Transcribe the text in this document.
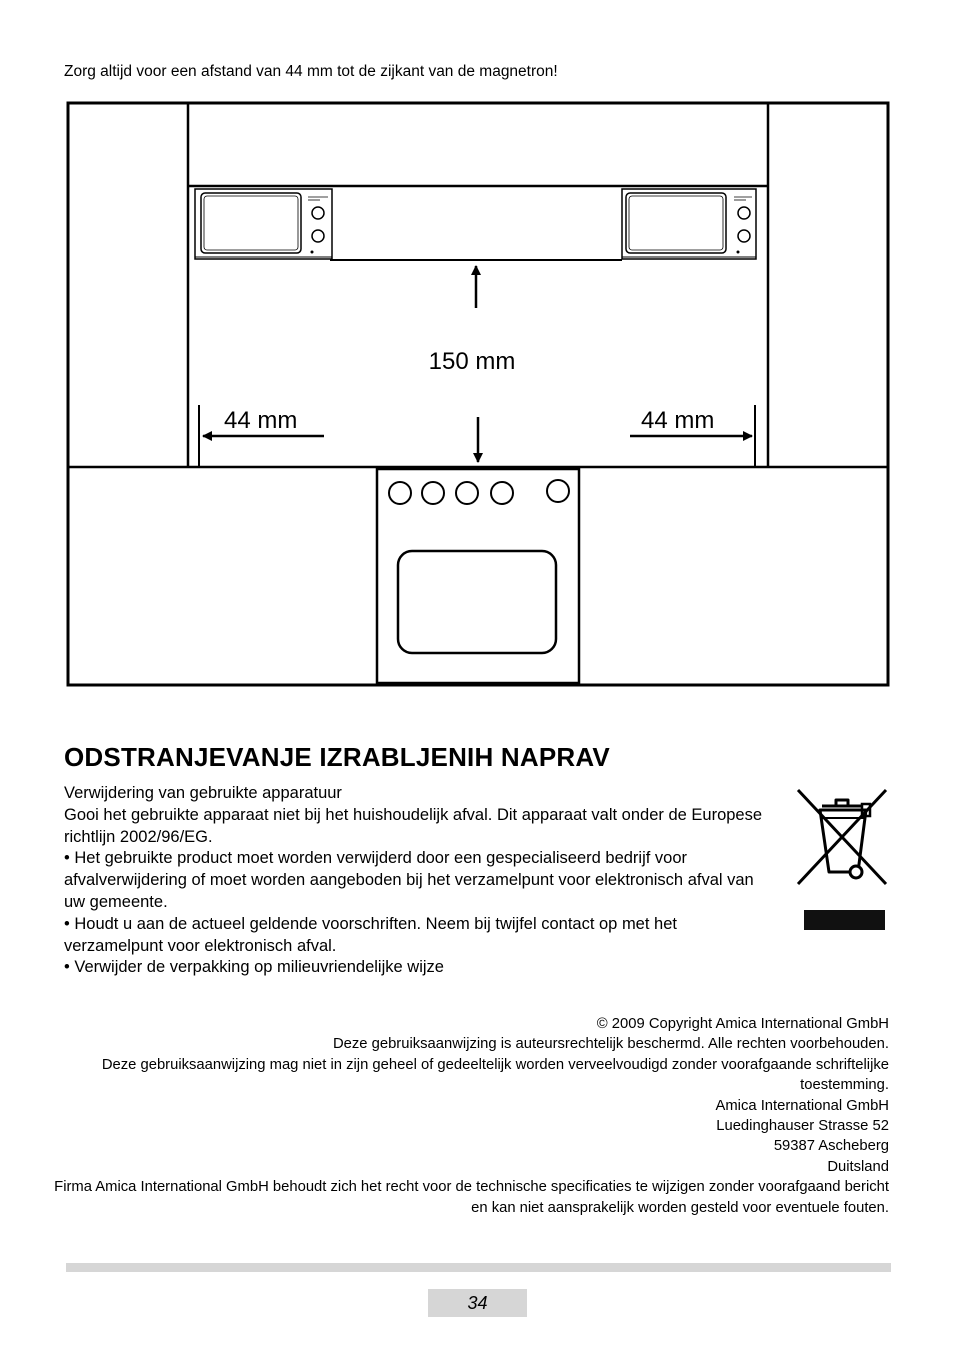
Zorg altijd voor een afstand van 44 mm tot de zijkant van de magnetron!
150 mm
44 mm	44 mm
ODSTRANJEVANJE IZRABLJENIH NAPRAV

Verwijdering van gebruikte apparatuur

Gooi het gebruikte apparaat niet bij het huishoudelijk afval. Dit apparaat valt onder de Europese richtlijn 2002/96/EG.

• Het gebruikte product moet worden verwijderd door een gespecialiseerd bedrijf voor afvalverwijdering of moet worden aangeboden bij het verzamelpunt voor elektronisch afval van uw gemeente.

• Houdt u aan de actueel geldende voorschriften. Neem bij twijfel contact op met het verzamelpunt voor elektronisch afval.

• Verwijder de verpakking op milieuvriendelijke wijze

© 2009 Copyright Amica International GmbH

Deze gebruiksaanwijzing is auteursrechtelijk beschermd. Alle rechten voorbehouden.

Deze gebruiksaanwijzing mag niet in zijn geheel of gedeeltelijk worden verveelvoudigd zonder voorafgaande schriftelijke toestemming.

Amica International GmbH

Luedinghauser Strasse 52

59387 Ascheberg

Duitsland

Firma Amica International GmbH behoudt zich het recht voor de technische specificaties te wijzigen zonder voorafgaand bericht en kan niet aansprakelijk worden gesteld voor eventuele fouten.

34
